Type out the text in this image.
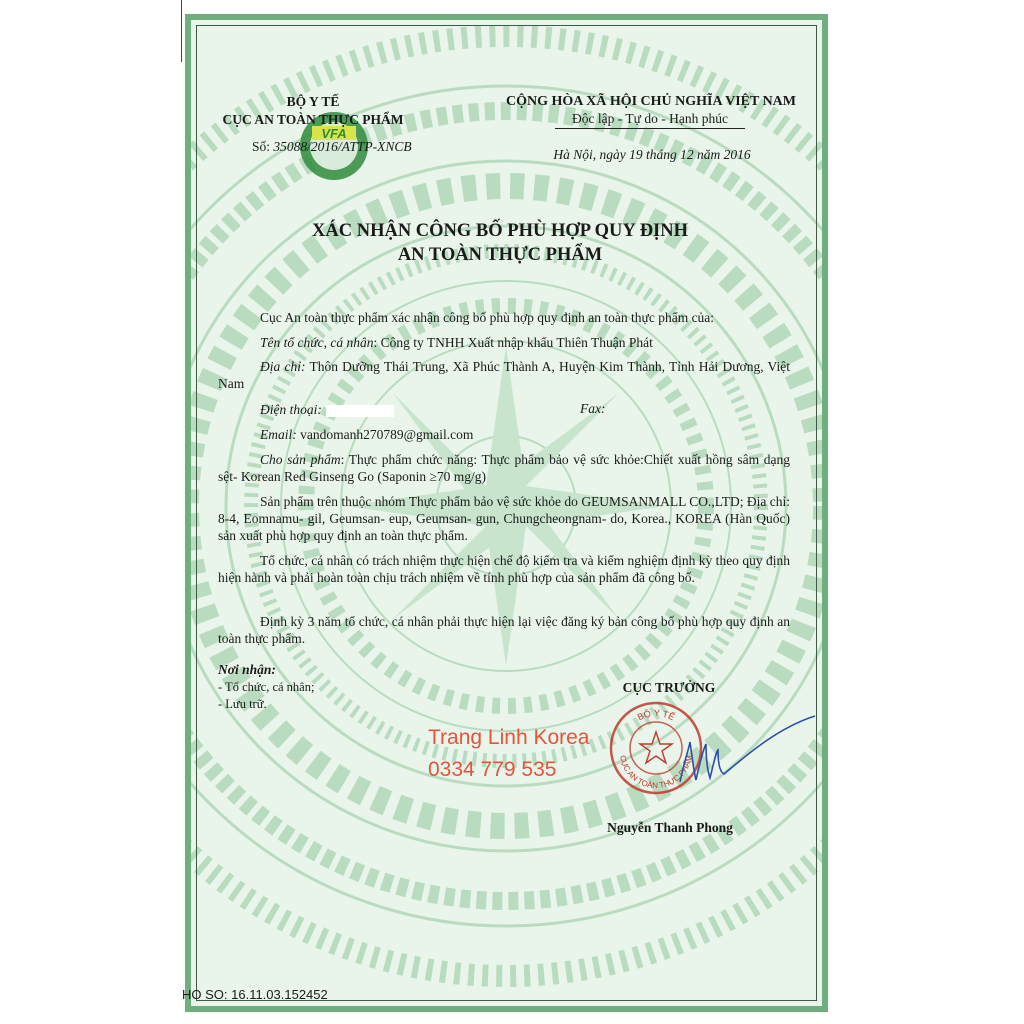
VFA
BỘ Y TẾ
CỤC AN TOÀN THỰC PHẨM
Số: 35088/2016/ATTP-XNCB
CỘNG HÒA XÃ HỘI CHỦ NGHĨA VIỆT NAM
Độc lập - Tự do - Hạnh phúc
Hà Nội, ngày 19 tháng 12 năm 2016
XÁC NHẬN CÔNG BỐ PHÙ HỢP QUY ĐỊNH
AN TOÀN THỰC PHẨM
Cục An toàn thực phẩm xác nhận công bố phù hợp quy định an toàn thực phẩm của:
Tên tổ chức, cá nhân: Công ty TNHH Xuất nhập khẩu Thiên Thuận Phát
Địa chỉ: Thôn Dưỡng Thái Trung, Xã Phúc Thành A, Huyện Kim Thành, Tỉnh Hải Dương, Việt Nam
Điện thoại:	Fax:
Email: vandomanh270789@gmail.com
Cho sản phẩm: Thực phẩm chức năng: Thực phẩm bảo vệ sức khỏe:Chiết xuất hồng sâm dạng sệt- Korean Red Ginseng Go (Saponin ≥70 mg/g)
Sản phẩm trên thuộc nhóm Thực phẩm bảo vệ sức khỏe do GEUMSANMALL CO.,LTD; Địa chỉ: 8-4, Eomnamu- gil, Geumsan- eup, Geumsan- gun, Chungcheongnam- do, Korea., KOREA (Hàn Quốc) sản xuất phù hợp quy định an toàn thực phẩm.
Tổ chức, cá nhân có trách nhiệm thực hiện chế độ kiểm tra và kiểm nghiệm định kỳ theo quy định hiện hành và phải hoàn toàn chịu trách nhiệm về tính phù hợp của sản phẩm đã công bố.
Định kỳ 3 năm tổ chức, cá nhân phải thực hiện lại việc đăng ký bản công bố phù hợp quy định an toàn thực phẩm.
Nơi nhận:
- Tổ chức, cá nhân;
- Lưu trữ.
CỤC TRƯỞNG
BỘ Y TẾ
CỤC AN TOÀN THỰC PHẨM
Nguyễn Thanh Phong
Trang Linh Korea
0334 779 535
HO SO: 16.11.03.152452
